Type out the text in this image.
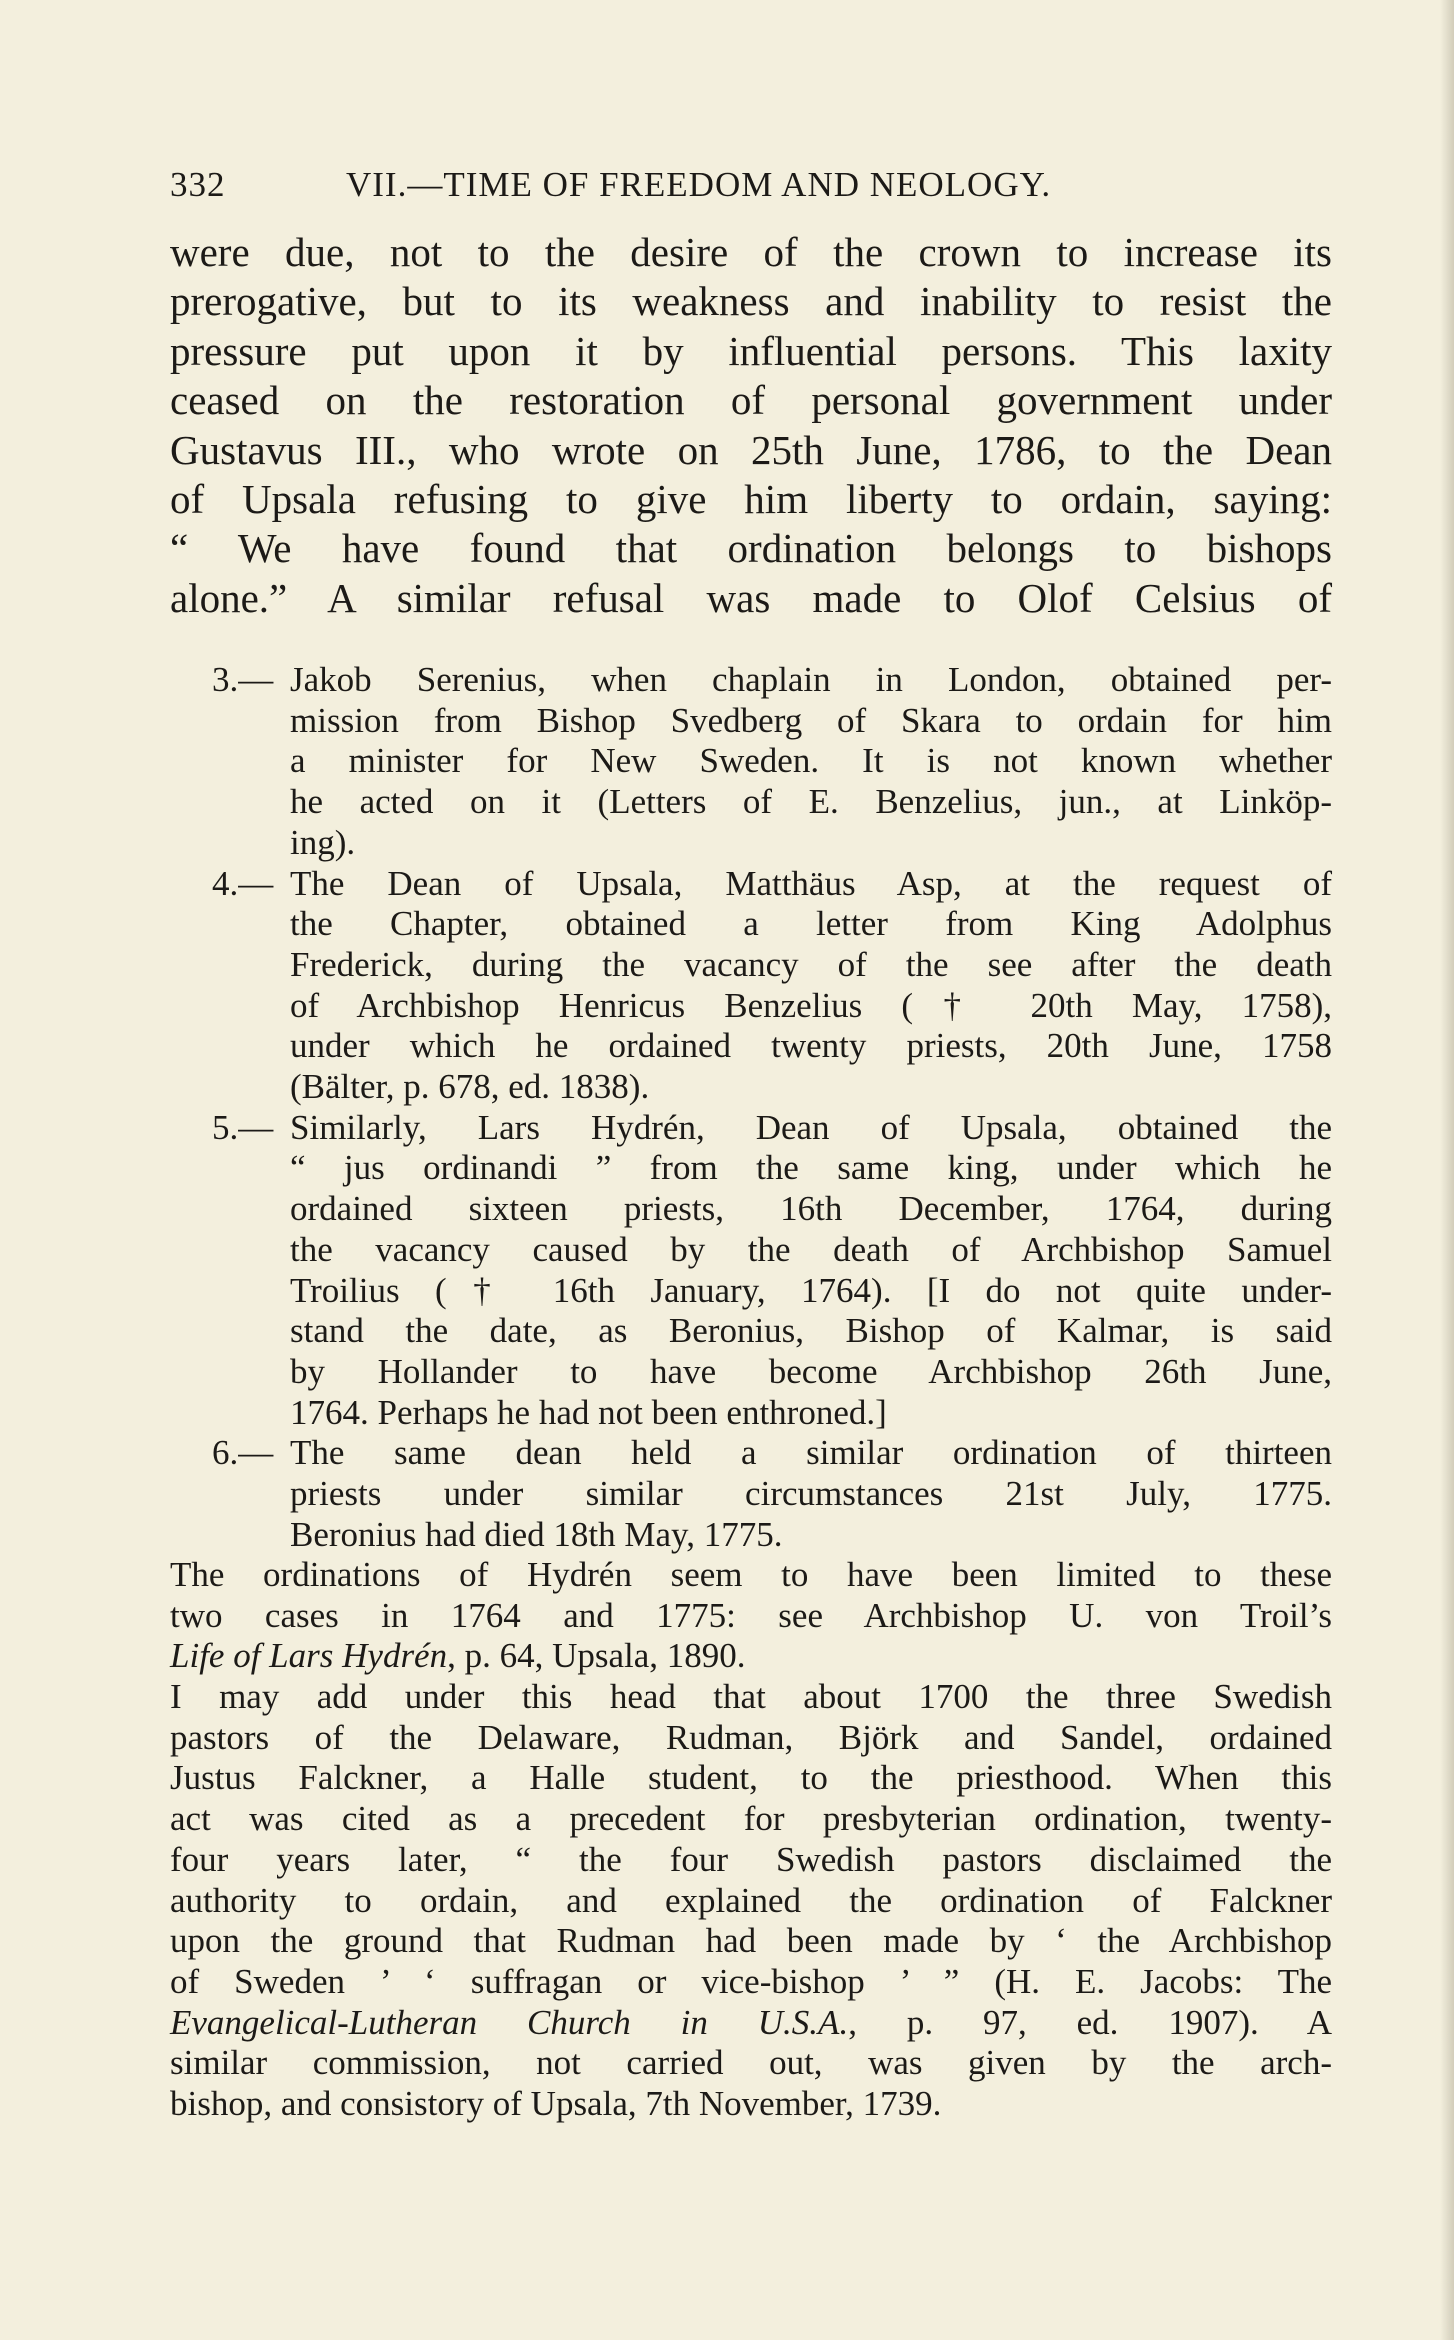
332	VII.—TIME OF FREEDOM AND NEOLOGY.
were due, not to the desire of the crown to increase its
prerogative, but to its weakness and inability to resist the
pressure put upon it by influential persons. This laxity
ceased on the restoration of personal government under
Gustavus III., who wrote on 25th June, 1786, to the Dean
of Upsala refusing to give him liberty to ordain, saying:
“ We have found that ordination belongs to bishops
alone.” A similar refusal was made to Olof Celsius of
3.— Jakob Serenius, when chaplain in London, obtained per-
mission from Bishop Svedberg of Skara to ordain for him
a minister for New Sweden. It is not known whether
he acted on it (Letters of E. Benzelius, jun., at Linköp-
ing).
4.— The Dean of Upsala, Matthäus Asp, at the request of
the Chapter, obtained a letter from King Adolphus
Frederick, during the vacancy of the see after the death
of Archbishop Henricus Benzelius († 20th May, 1758),
under which he ordained twenty priests, 20th June, 1758
(Bälter, p. 678, ed. 1838).
5.— Similarly, Lars Hydrén, Dean of Upsala, obtained the
“ jus ordinandi ” from the same king, under which he
ordained sixteen priests, 16th December, 1764, during
the vacancy caused by the death of Archbishop Samuel
Troilius († 16th January, 1764). [I do not quite under-
stand the date, as Beronius, Bishop of Kalmar, is said
by Hollander to have become Archbishop 26th June,
1764. Perhaps he had not been enthroned.]
6.— The same dean held a similar ordination of thirteen
priests under similar circumstances 21st July, 1775.
Beronius had died 18th May, 1775.
The ordinations of Hydrén seem to have been limited to these
two cases in 1764 and 1775: see Archbishop U. von Troil’s
Life of Lars Hydrén, p. 64, Upsala, 1890.
I may add under this head that about 1700 the three Swedish
pastors of the Delaware, Rudman, Björk and Sandel, ordained
Justus Falckner, a Halle student, to the priesthood. When this
act was cited as a precedent for presbyterian ordination, twenty-
four years later, “ the four Swedish pastors disclaimed the
authority to ordain, and explained the ordination of Falckner
upon the ground that Rudman had been made by ‘ the Archbishop
of Sweden ’ ‘ suffragan or vice-bishop ’ ” (H. E. Jacobs: The
Evangelical-Lutheran Church in U.S.A., p. 97, ed. 1907). A
similar commission, not carried out, was given by the arch-
bishop, and consistory of Upsala, 7th November, 1739.
